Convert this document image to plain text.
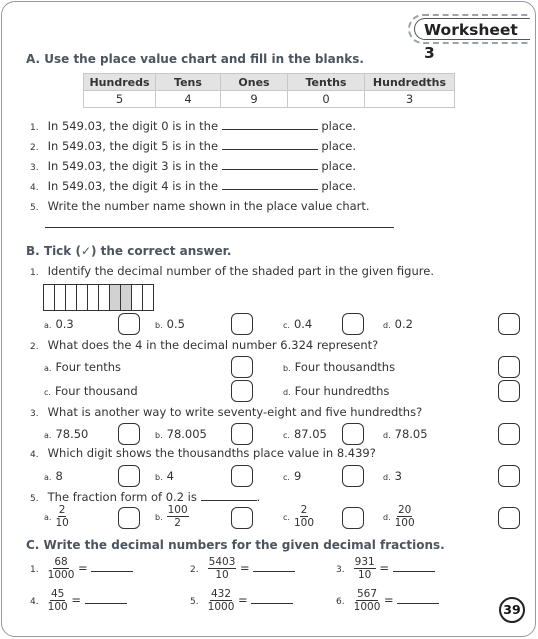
Worksheet 3
A. Use the place value chart and fill in the blanks.
Hundreds	Tens	Ones	Tenths	Hundredths
5	4	9	0	3
1. In 549.03, the digit 0 is in the	place.
2. In 549.03, the digit 5 is in the	place.
3. In 549.03, the digit 3 is in the	place.
4. In 549.03, the digit 4 is in the	place.
5. Write the number name shown in the place value chart.
B. Tick (✓) the correct answer.
1. Identify the decimal number of the shaded part in the given figure.
a. 0.3	b. 0.5	c. 0.4	d. 0.2
2. What does the 4 in the decimal number 6.324 represent?
a. Four tenths	b. Four thousandths
c. Four thousand	d. Four hundredths
3. What is another way to write seventy-eight and five hundredths?
a. 78.50	b. 78.005	c. 87.05	d. 78.05
4. Which digit shows the thousandths place value in 8.439?
a. 8	b. 4	c. 9	d. 3
5. The fraction form of 0.2 is	.
a. $\frac{2}{10}$	b. $\frac{100}{2}$	c. $\frac{2}{100}$	d. $\frac{20}{100}$
C. Write the decimal numbers for the given decimal fractions.
1. $\frac{68}{1000}$ =	2. $\frac{5403}{10}$ =	3. $\frac{931}{10}$ =
4. $\frac{45}{100}$ =	5. $\frac{432}{1000}$ =	6. $\frac{567}{1000}$ =
39
